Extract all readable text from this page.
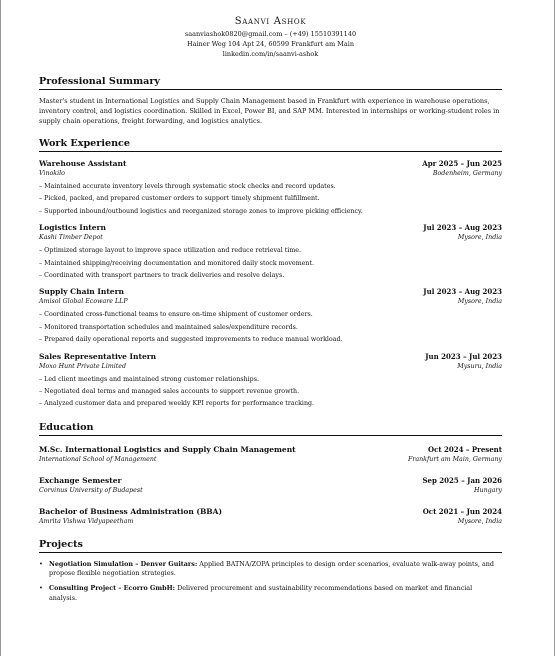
Saanvi Ashok
saanviashok0820@gmail.com – (+49) 15510391140
Hainer Weg 104 Apt 24, 60599 Frankfurt am Main
linkedin.com/in/saanvi-ashok
Professional Summary
Master's student in International Logistics and Supply Chain Management based in Frankfurt with experience in warehouse operations, inventory control, and logistics coordination. Skilled in Excel, Power BI, and SAP MM. Interested in internships or working-student roles in supply chain operations, freight forwarding, and logistics analytics.
Work Experience
Warehouse Assistant	Apr 2025 – Jun 2025
Vinokilo	Bodenheim, Germany
– Maintained accurate inventory levels through systematic stock checks and record updates.
– Picked, packed, and prepared customer orders to support timely shipment fulfillment.
– Supported inbound/outbound logistics and reorganized storage zones to improve picking efficiency.
Logistics Intern	Jul 2023 – Aug 2023
Kashi Timber Depot	Mysore, India
– Optimized storage layout to improve space utilization and reduce retrieval time.
– Maintained shipping/receiving documentation and monitored daily stock movement.
– Coordinated with transport partners to track deliveries and resolve delays.
Supply Chain Intern	Jul 2023 – Aug 2023
Amisol Global Ecoware LLP	Mysore, India
– Coordinated cross-functional teams to ensure on-time shipment of customer orders.
– Monitored transportation schedules and maintained sales/expenditure records.
– Prepared daily operational reports and suggested improvements to reduce manual workload.
Sales Representative Intern	Jun 2023 – Jul 2023
Moxo Hunt Private Limited	Mysuru, India
– Led client meetings and maintained strong customer relationships.
– Negotiated deal terms and managed sales accounts to support revenue growth.
– Analyzed customer data and prepared weekly KPI reports for performance tracking.
Education
M.Sc. International Logistics and Supply Chain Management	Oct 2024 – Present
International School of Management	Frankfurt am Main, Germany
Exchange Semester	Sep 2025 – Jan 2026
Corvinus University of Budapest	Hungary
Bachelor of Business Administration (BBA)	Oct 2021 – Jun 2024
Amrita Vishwa Vidyapeetham	Mysore, India
Projects
• Negotiation Simulation – Denver Guitars: Applied BATNA/ZOPA principles to design order scenarios, evaluate walk-away points, and propose flexible negotiation strategies.
• Consulting Project – Ecorro GmbH: Delivered procurement and sustainability recommendations based on market and financial analysis.
